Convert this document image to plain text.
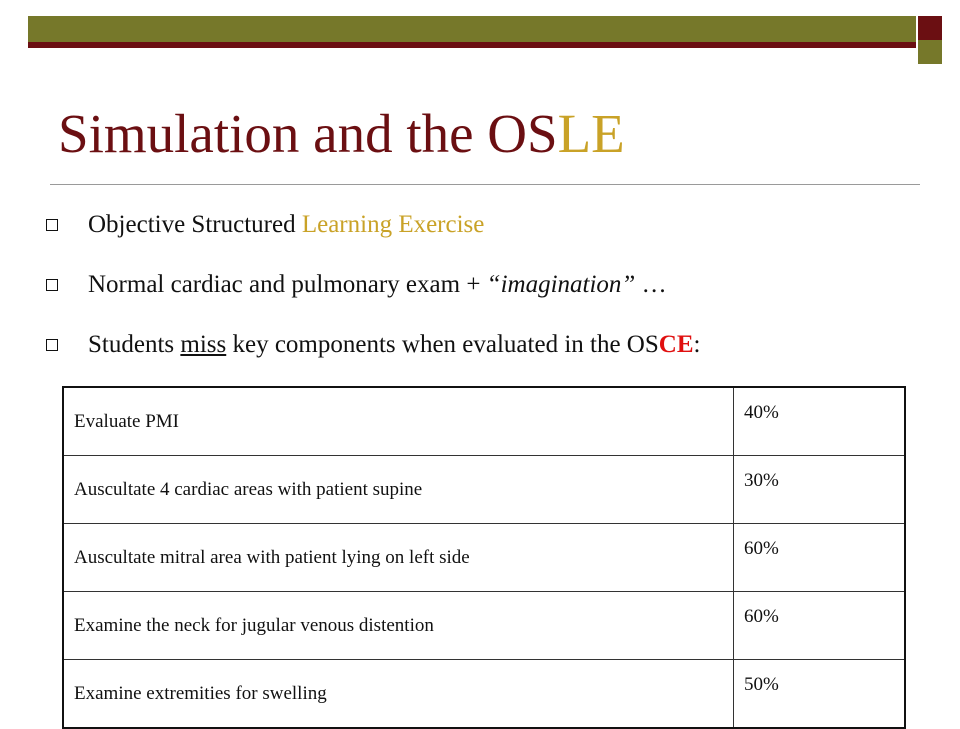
Simulation and the OSLE
Objective Structured Learning Exercise
Normal cardiac and pulmonary exam + “imagination” …
Students miss key components when evaluated in the OSCE:
Evaluate PMI	40%
Auscultate 4 cardiac areas with patient supine	30%
Auscultate mitral area with patient lying on left side	60%
Examine the neck for jugular venous distention	60%
Examine extremities for swelling	50%
